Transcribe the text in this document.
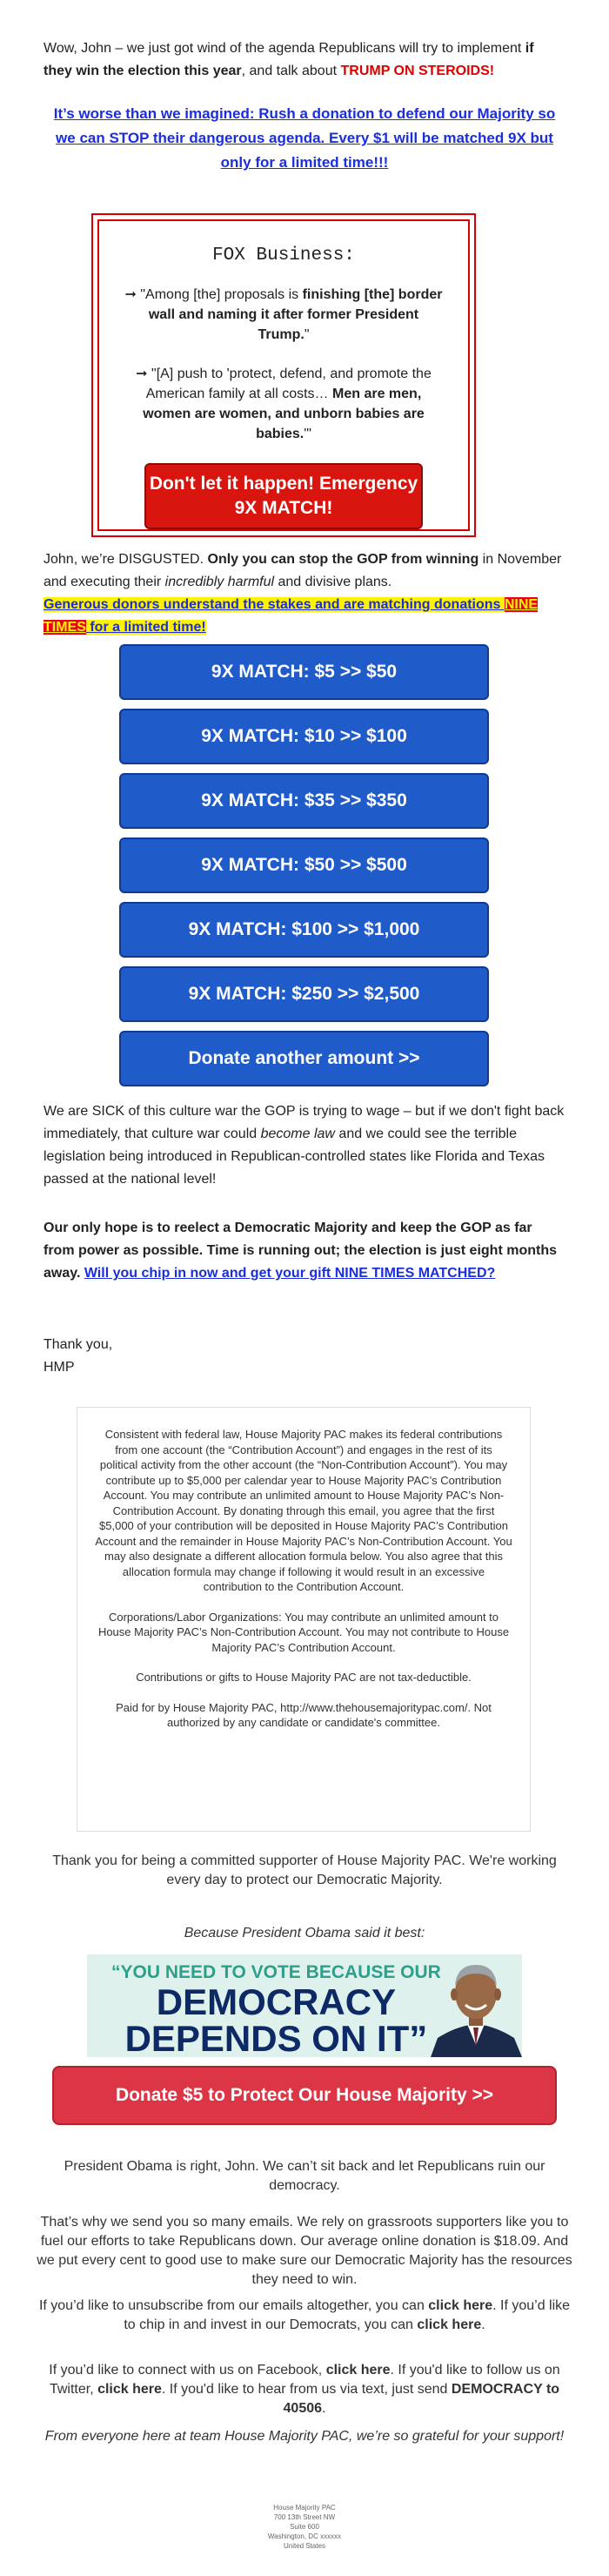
Wow, John – we just got wind of the agenda Republicans will try to implement if they win the election this year, and talk about TRUMP ON STEROIDS!

It’s worse than we imagined: Rush a donation to defend our Majority so we can STOP their dangerous agenda. Every $1 will be matched 9X but only for a limited time!!!

FOX Business:

➞ "Among [the] proposals is finishing [the] border wall and naming it after former President Trump."

➞ "[A] push to 'protect, defend, and promote the American family at all costs… Men are men, women are women, and unborn babies are babies.'"

Don't let it happen! Emergency 9X MATCH!

John, we’re DISGUSTED. Only you can stop the GOP from winning in November and executing their incredibly harmful and divisive plans.
Generous donors understand the stakes and are matching donations NINE TIMES for a limited time!

9X MATCH: $5 >> $50
9X MATCH: $10 >> $100
9X MATCH: $35 >> $350
9X MATCH: $50 >> $500
9X MATCH: $100 >> $1,000
9X MATCH: $250 >> $2,500
Donate another amount >>

We are SICK of this culture war the GOP is trying to wage – but if we don't fight back immediately, that culture war could become law and we could see the terrible legislation being introduced in Republican-controlled states like Florida and Texas passed at the national level!

Our only hope is to reelect a Democratic Majority and keep the GOP as far from power as possible. Time is running out; the election is just eight months away. Will you chip in now and get your gift NINE TIMES MATCHED?

Thank you,
HMP

Consistent with federal law, House Majority PAC makes its federal contributions from one account (the “Contribution Account”) and engages in the rest of its political activity from the other account (the “Non-Contribution Account”). You may contribute up to $5,000 per calendar year to House Majority PAC’s Contribution Account. You may contribute an unlimited amount to House Majority PAC’s Non-Contribution Account. By donating through this email, you agree that the first $5,000 of your contribution will be deposited in House Majority PAC’s Contribution Account and the remainder in House Majority PAC’s Non-Contribution Account. You may also designate a different allocation formula below. You also agree that this allocation formula may change if following it would result in an excessive contribution to the Contribution Account.

Corporations/Labor Organizations: You may contribute an unlimited amount to House Majority PAC’s Non-Contribution Account. You may not contribute to House Majority PAC’s Contribution Account.

Contributions or gifts to House Majority PAC are not tax-deductible.

Paid for by House Majority PAC, http://www.thehousemajoritypac.com/. Not authorized by any candidate or candidate's committee.

Thank you for being a committed supporter of House Majority PAC. We're working every day to protect our Democratic Majority.

Because President Obama said it best:

“YOU NEED TO VOTE BECAUSE OUR
DEMOCRACY
DEPENDS ON IT”
Donate $5 to Protect Our House Majority >>

President Obama is right, John. We can’t sit back and let Republicans ruin our democracy.

That’s why we send you so many emails. We rely on grassroots supporters like you to fuel our efforts to take Republicans down. Our average online donation is $18.09. And we put every cent to good use to make sure our Democratic Majority has the resources they need to win.

If you’d like to unsubscribe from our emails altogether, you can click here. If you’d like to chip in and invest in our Democrats, you can click here.

If you’d like to connect with us on Facebook, click here. If you'd like to follow us on Twitter, click here. If you'd like to hear from us via text, just send DEMOCRACY to 40506.

From everyone here at team House Majority PAC, we’re so grateful for your support!

House Majority PAC
700 13th Street NW
Suite 600
Washington, DC xxxxxx
United States
